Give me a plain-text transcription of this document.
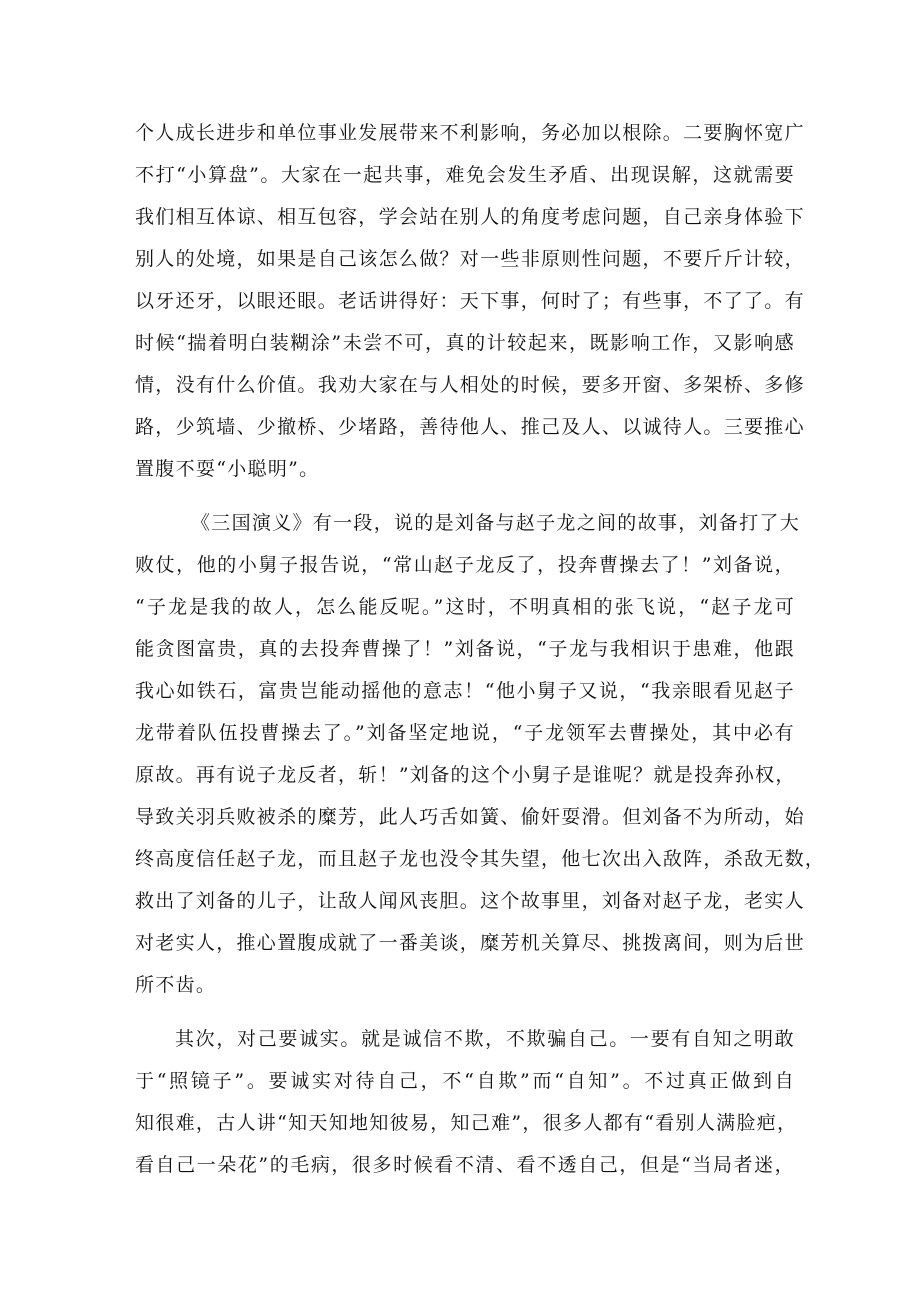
个人成长进步和单位事业发展带来不利影响，务必加以根除。二要胸怀宽广
不打“小算盘”。大家在一起共事，难免会发生矛盾、出现误解，这就需要
我们相互体谅、相互包容，学会站在别人的角度考虑问题，自己亲身体验下
别人的处境，如果是自己该怎么做？对一些非原则性问题，不要斤斤计较，
以牙还牙，以眼还眼。老话讲得好：天下事，何时了；有些事，不了了。有
时候“揣着明白装糊涂”未尝不可，真的计较起来，既影响工作，又影响感
情，没有什么价值。我劝大家在与人相处的时候，要多开窗、多架桥、多修
路，少筑墙、少撤桥、少堵路，善待他人、推己及人、以诚待人。三要推心
置腹不耍“小聪明”。
《三国演义》有一段，说的是刘备与赵子龙之间的故事，刘备打了大
败仗，他的小舅子报告说，“常山赵子龙反了，投奔曹操去了！”刘备说，
“子龙是我的故人，怎么能反呢。”这时，不明真相的张飞说，“赵子龙可
能贪图富贵，真的去投奔曹操了！”刘备说，“子龙与我相识于患难，他跟
我心如铁石，富贵岂能动摇他的意志！“他小舅子又说，“我亲眼看见赵子
龙带着队伍投曹操去了。”刘备坚定地说，“子龙领军去曹操处，其中必有
原故。再有说子龙反者，斩！”刘备的这个小舅子是谁呢？就是投奔孙权，
导致关羽兵败被杀的糜芳，此人巧舌如簧、偷奸耍滑。但刘备不为所动，始
终高度信任赵子龙，而且赵子龙也没令其失望，他七次出入敌阵，杀敌无数，
救出了刘备的儿子，让敌人闻风丧胆。这个故事里，刘备对赵子龙，老实人
对老实人，推心置腹成就了一番美谈，糜芳机关算尽、挑拨离间，则为后世
所不齿。
其次，对己要诚实。就是诚信不欺，不欺骗自己。一要有自知之明敢
于“照镜子”。要诚实对待自己，不“自欺”而“自知”。不过真正做到自
知很难，古人讲“知天知地知彼易，知己难”，很多人都有“看别人满脸疤，
看自己一朵花”的毛病，很多时候看不清、看不透自己，但是“当局者迷，
